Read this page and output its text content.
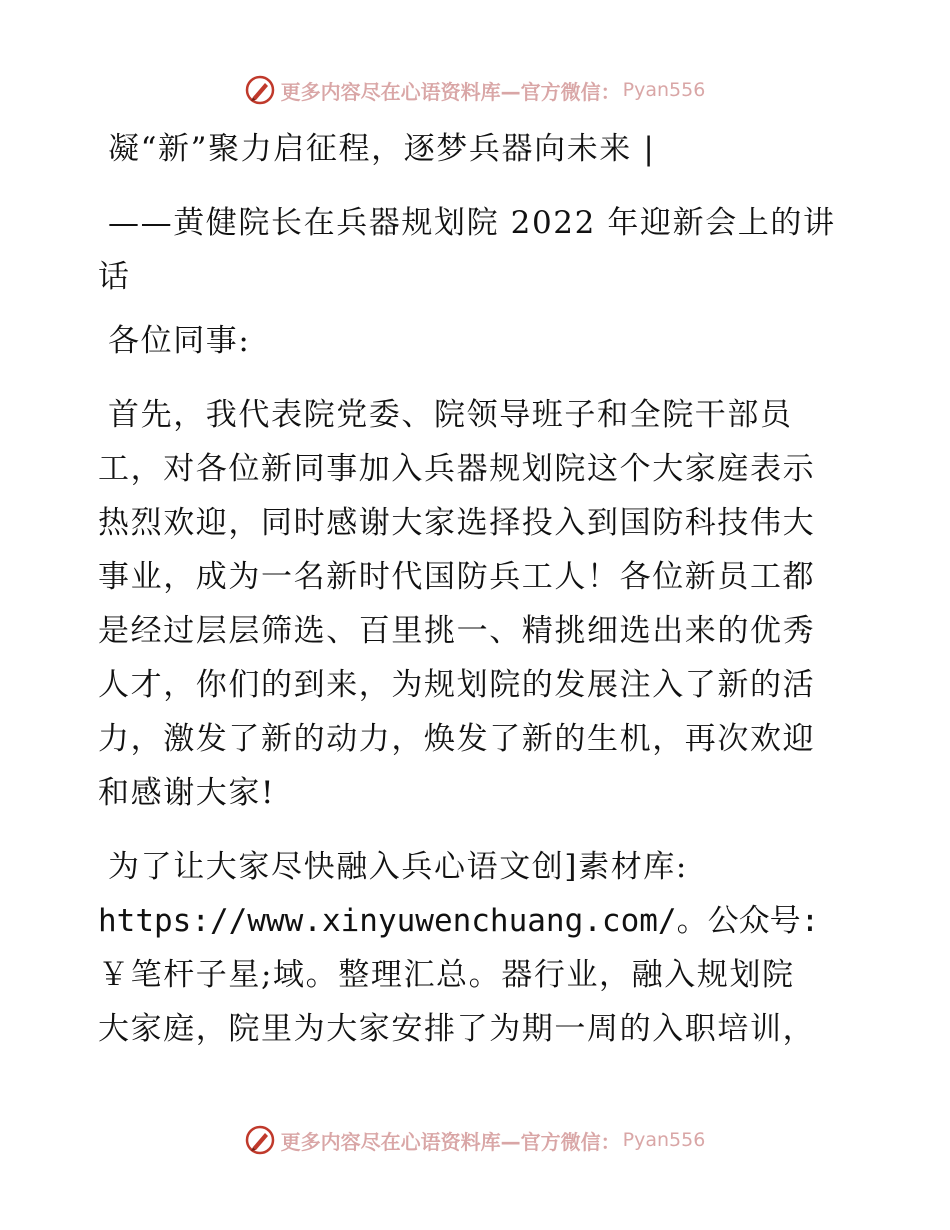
更多内容尽在心语资料库—官方微信： Pyan556
凝“新”聚力启征程，逐梦兵器向未来 |
——黄健院长在兵器规划院 2022 年迎新会上的讲
话
各位同事:
首先，我代表院党委、院领导班子和全院干部员
工，对各位新同事加入兵器规划院这个大家庭表示
热烈欢迎，同时感谢大家选择投入到国防科技伟大
事业，成为一名新时代国防兵工人！各位新员工都
是经过层层筛选、百里挑一、精挑细选出来的优秀
人才，你们的到来，为规划院的发展注入了新的活
力，激发了新的动力，焕发了新的生机，再次欢迎
和感谢大家!
为了让大家尽快融入兵心语文创]素材库:
https://www.xinyuwenchuang.com/。公众号:
￥笔杆子星;域。整理汇总。器行业，融入规划院
大家庭，院里为大家安排了为期一周的入职培训，
更多内容尽在心语资料库—官方微信： Pyan556
